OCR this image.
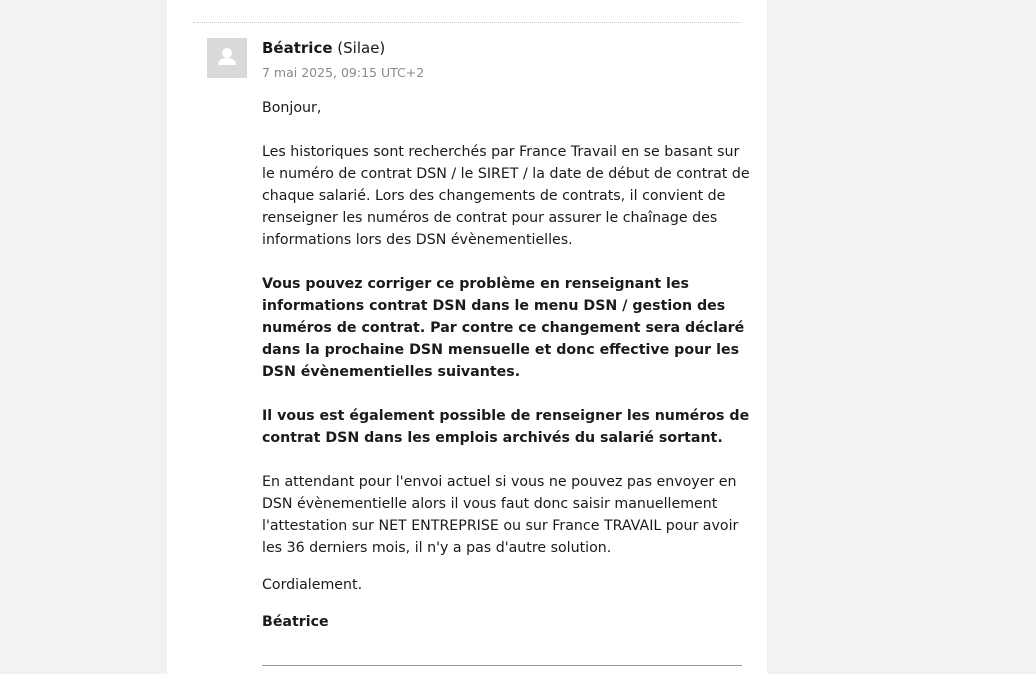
Béatrice (Silae)
7 mai 2025, 09:15 UTC+2

Bonjour,

Les historiques sont recherchés par France Travail en se basant sur le numéro de contrat DSN / le SIRET / la date de début de contrat de chaque salarié. Lors des changements de contrats, il convient de renseigner les numéros de contrat pour assurer le chaînage des informations lors des DSN évènementielles.

Vous pouvez corriger ce problème en renseignant les informations contrat DSN dans le menu DSN / gestion des numéros de contrat. Par contre ce changement sera déclaré dans la prochaine DSN mensuelle et donc effective pour les DSN évènementielles suivantes.

Il vous est également possible de renseigner les numéros de contrat DSN dans les emplois archivés du salarié sortant.

En attendant pour l'envoi actuel si vous ne pouvez pas envoyer en DSN évènementielle alors il vous faut donc saisir manuellement l'attestation sur NET ENTREPRISE ou sur France TRAVAIL pour avoir les 36 derniers mois, il n'y a pas d'autre solution.

Cordialement.

Béatrice
